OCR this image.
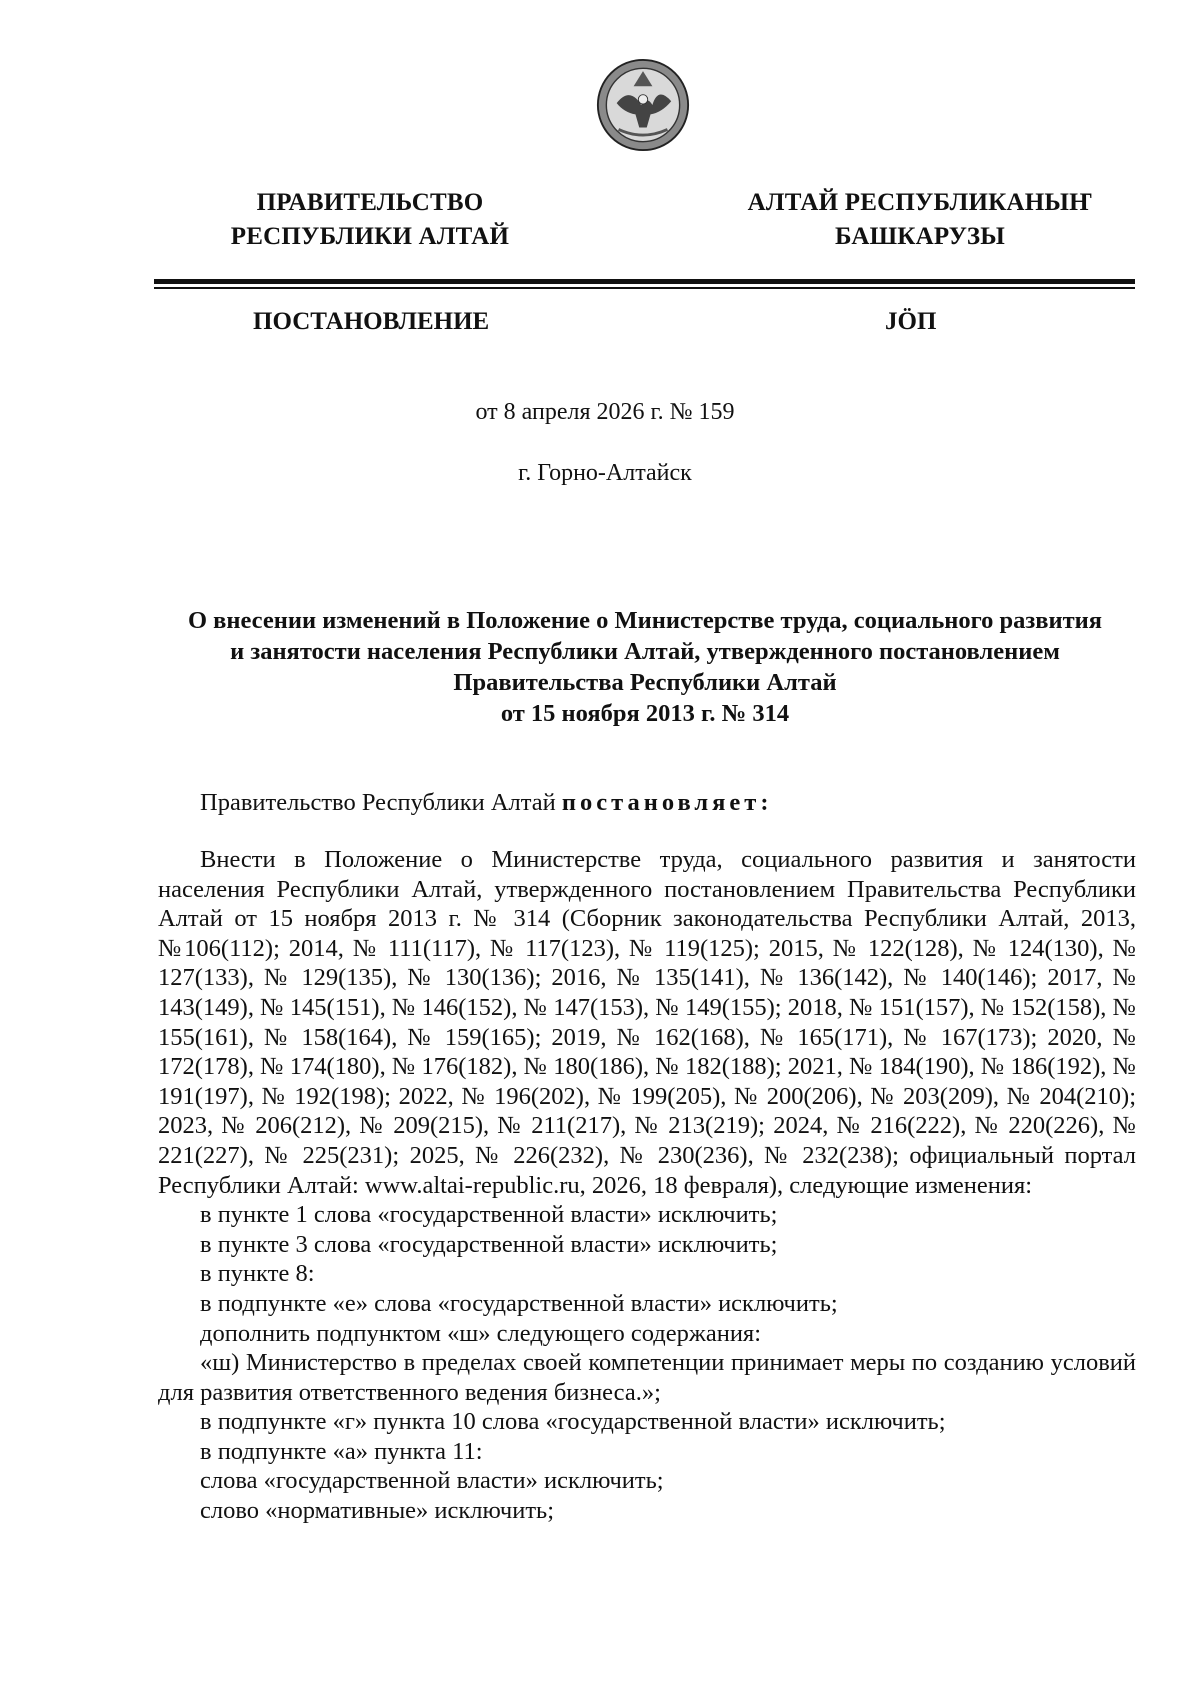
ПРАВИТЕЛЬСТВО
РЕСПУБЛИКИ АЛТАЙ
АЛТАЙ РЕСПУБЛИКАНЫҤ
БАШКАРУЗЫ
ПОСТАНОВЛЕНИЕ	JӦП
от 8 апреля 2026 г. № 159
г. Горно-Алтайск
О внесении изменений в Положение о Министерстве труда, социального развития
и занятости населения Республики Алтай, утвержденного постановлением
Правительства Республики Алтай
от 15 ноября 2013 г. № 314
Правительство Республики Алтай постановляет:

Внести в Положение о Министерстве труда, социального развития и занятости населения Республики Алтай, утвержденного постановлением Правительства Республики Алтай от 15 ноября 2013 г. № 314 (Сборник законодательства Республики Алтай, 2013, №106(112); 2014, № 111(117), № 117(123), № 119(125); 2015, № 122(128), № 124(130), № 127(133), № 129(135), № 130(136); 2016, № 135(141), № 136(142), № 140(146); 2017, № 143(149), № 145(151), № 146(152), № 147(153), № 149(155); 2018, № 151(157), № 152(158), № 155(161), № 158(164), № 159(165); 2019, № 162(168), № 165(171), № 167(173); 2020, № 172(178), № 174(180), № 176(182), № 180(186), № 182(188); 2021, № 184(190), № 186(192), № 191(197), № 192(198); 2022, № 196(202), № 199(205), № 200(206), № 203(209), № 204(210); 2023, № 206(212), № 209(215), № 211(217), № 213(219); 2024, № 216(222), № 220(226), № 221(227), № 225(231); 2025, № 226(232), № 230(236), № 232(238); официальный портал Республики Алтай: www.altai-republic.ru, 2026, 18 февраля), следующие изменения:

в пункте 1 слова «государственной власти» исключить;

в пункте 3 слова «государственной власти» исключить;

в пункте 8:

в подпункте «е» слова «государственной власти» исключить;

дополнить подпунктом «ш» следующего содержания:

«ш) Министерство в пределах своей компетенции принимает меры по созданию условий для развития ответственного ведения бизнеса.»;

в подпункте «г» пункта 10 слова «государственной власти» исключить;

в подпункте «а» пункта 11:

слова «государственной власти» исключить;

слово «нормативные» исключить;
